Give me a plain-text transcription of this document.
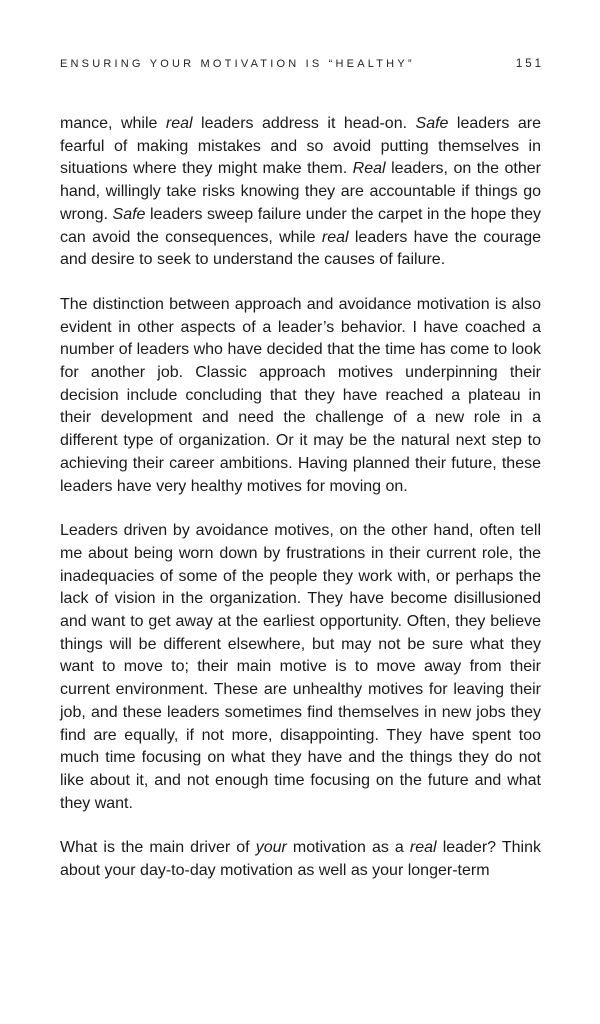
ENSURING YOUR MOTIVATION IS “HEALTHY”	151

mance, while real leaders address it head-on. Safe leaders are fearful of making mistakes and so avoid putting themselves in situations where they might make them. Real leaders, on the other hand, willingly take risks knowing they are accountable if things go wrong. Safe leaders sweep failure under the carpet in the hope they can avoid the consequences, while real leaders have the courage and desire to seek to understand the causes of failure.

The distinction between approach and avoidance motivation is also evident in other aspects of a leader’s behavior. I have coached a number of leaders who have decided that the time has come to look for another job. Classic approach motives underpinning their decision include concluding that they have reached a plateau in their development and need the challenge of a new role in a different type of organization. Or it may be the natural next step to achieving their career ambitions. Having planned their future, these leaders have very healthy motives for moving on.

Leaders driven by avoidance motives, on the other hand, often tell me about being worn down by frustrations in their current role, the inadequacies of some of the people they work with, or perhaps the lack of vision in the organization. They have become disillusioned and want to get away at the earliest opportunity. Often, they believe things will be different elsewhere, but may not be sure what they want to move to; their main motive is to move away from their current environment. These are unhealthy motives for leaving their job, and these leaders sometimes find themselves in new jobs they find are equally, if not more, disappointing. They have spent too much time focusing on what they have and the things they do not like about it, and not enough time focusing on the future and what they want.

What is the main driver of your motivation as a real leader? Think about your day-to-day motivation as well as your longer-term
